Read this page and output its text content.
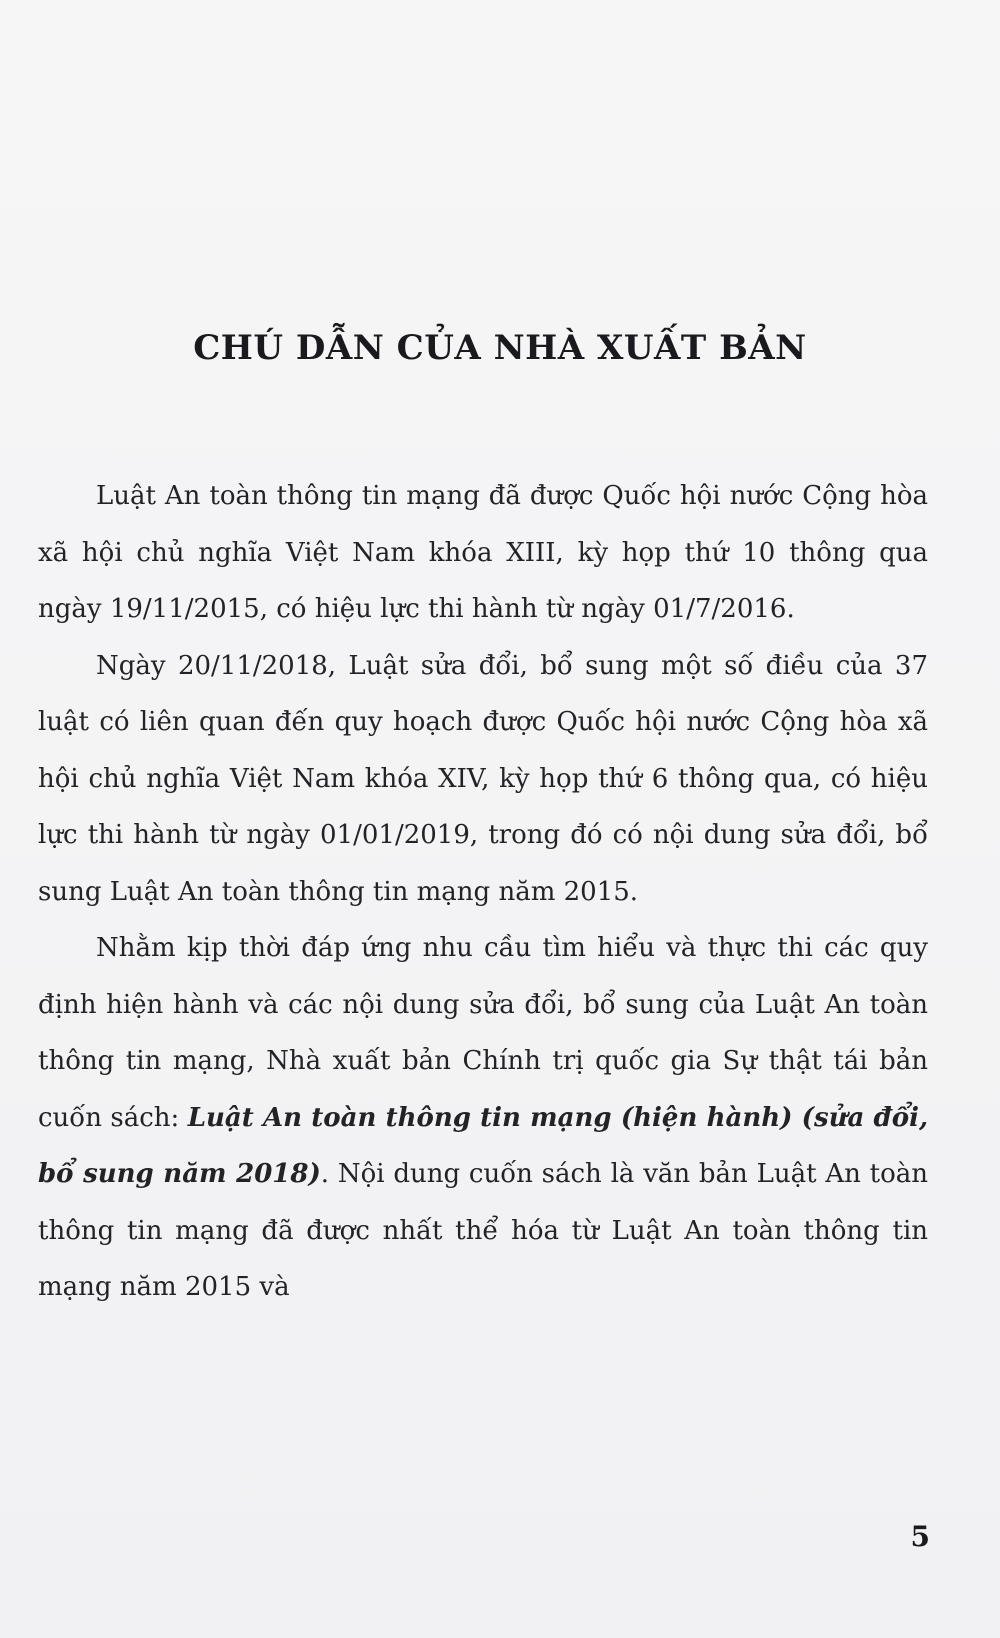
CHÚ DẪN CỦA NHÀ XUẤT BẢN

Luật An toàn thông tin mạng đã được Quốc hội nước Cộng hòa xã hội chủ nghĩa Việt Nam khóa XIII, kỳ họp thứ 10 thông qua ngày 19/11/2015, có hiệu lực thi hành từ ngày 01/7/2016.

Ngày 20/11/2018, Luật sửa đổi, bổ sung một số điều của 37 luật có liên quan đến quy hoạch được Quốc hội nước Cộng hòa xã hội chủ nghĩa Việt Nam khóa XIV, kỳ họp thứ 6 thông qua, có hiệu lực thi hành từ ngày 01/01/2019, trong đó có nội dung sửa đổi, bổ sung Luật An toàn thông tin mạng năm 2015.

Nhằm kịp thời đáp ứng nhu cầu tìm hiểu và thực thi các quy định hiện hành và các nội dung sửa đổi, bổ sung của Luật An toàn thông tin mạng, Nhà xuất bản Chính trị quốc gia Sự thật tái bản cuốn sách: Luật An toàn thông tin mạng (hiện hành) (sửa đổi, bổ sung năm 2018). Nội dung cuốn sách là văn bản Luật An toàn thông tin mạng đã được nhất thể hóa từ Luật An toàn thông tin mạng năm 2015 và

5
